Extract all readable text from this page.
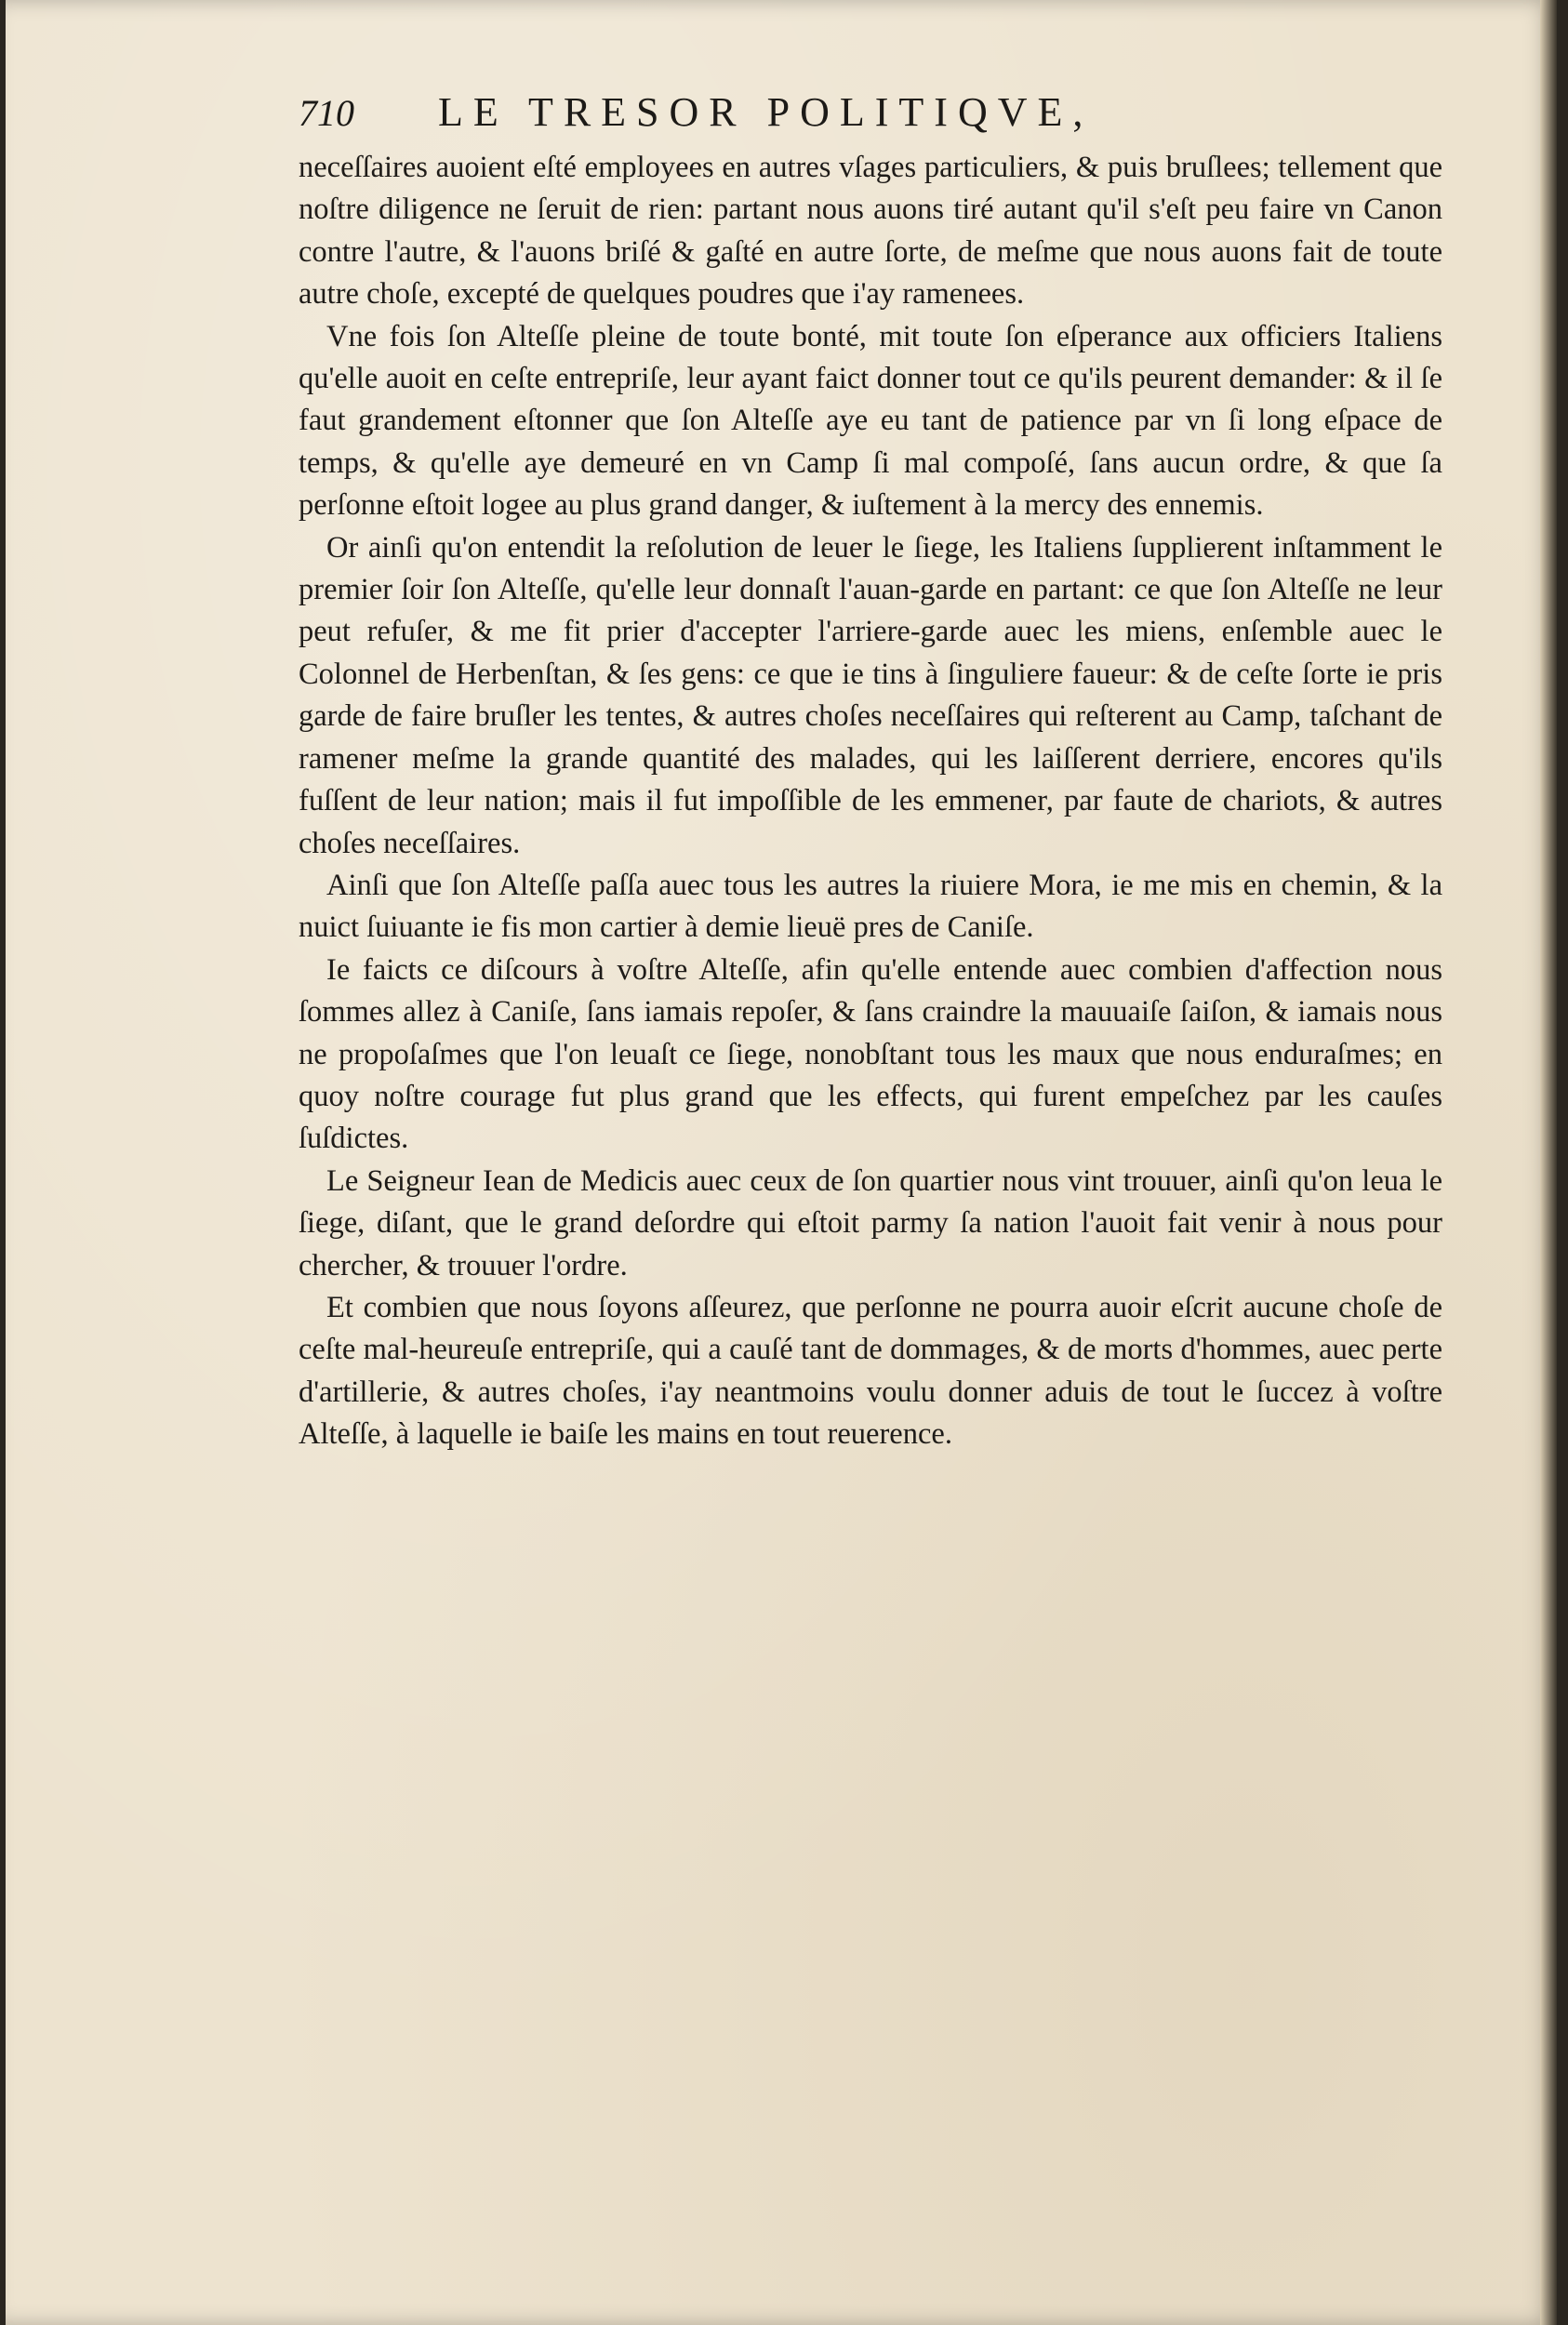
710	LE TRESOR POLITIQVE,

neceſſaires auoient eſté employees en autres vſages particuliers, & puis bruſlees; tellement que noſtre diligence ne ſeruit de rien: partant nous auons tiré autant qu'il s'eſt peu faire vn Canon contre l'autre, & l'auons briſé & gaſté en autre ſorte, de meſme que nous auons fait de toute autre choſe, excepté de quelques poudres que i'ay ramenees.

Vne fois ſon Alteſſe pleine de toute bonté, mit toute ſon eſperance aux officiers Italiens qu'elle auoit en ceſte entrepriſe, leur ayant faict donner tout ce qu'ils peurent demander: & il ſe faut grandement eſtonner que ſon Alteſſe aye eu tant de patience par vn ſi long eſpace de temps, & qu'elle aye demeuré en vn Camp ſi mal compoſé, ſans aucun ordre, & que ſa perſonne eſtoit logee au plus grand danger, & iuſtement à la mercy des ennemis.

Or ainſi qu'on entendit la reſolution de leuer le ſiege, les Italiens ſupplierent inſtamment le premier ſoir ſon Alteſſe, qu'elle leur donnaſt l'auan-garde en partant: ce que ſon Alteſſe ne leur peut refuſer, & me fit prier d'accepter l'arriere-garde auec les miens, enſemble auec le Colonnel de Herbenſtan, & ſes gens: ce que ie tins à ſinguliere faueur: & de ceſte ſorte ie pris garde de faire bruſler les tentes, & autres choſes neceſſaires qui reſterent au Camp, taſchant de ramener meſme la grande quantité des malades, qui les laiſſerent derriere, encores qu'ils fuſſent de leur nation; mais il fut impoſſible de les emmener, par faute de chariots, & autres choſes neceſſaires.

Ainſi que ſon Alteſſe paſſa auec tous les autres la riuiere Mora, ie me mis en chemin, & la nuict ſuiuante ie fis mon cartier à demie lieuë pres de Caniſe.

Ie faicts ce diſcours à voſtre Alteſſe, afin qu'elle entende auec combien d'affection nous ſommes allez à Caniſe, ſans iamais repoſer, & ſans craindre la mauuaiſe ſaiſon, & iamais nous ne propoſaſmes que l'on leuaſt ce ſiege, nonobſtant tous les maux que nous enduraſmes; en quoy noſtre courage fut plus grand que les effects, qui furent empeſchez par les cauſes ſuſdictes.

Le Seigneur Iean de Medicis auec ceux de ſon quartier nous vint trouuer, ainſi qu'on leua le ſiege, diſant, que le grand deſordre qui eſtoit parmy ſa nation l'auoit fait venir à nous pour chercher, & trouuer l'ordre.

Et combien que nous ſoyons aſſeurez, que perſonne ne pourra auoir eſcrit aucune choſe de ceſte mal-heureuſe entrepriſe, qui a cauſé tant de dommages, & de morts d'hommes, auec perte d'artillerie, & autres choſes, i'ay neantmoins voulu donner aduis de tout le ſuccez à voſtre Alteſſe, à laquelle ie baiſe les mains en tout reuerence.
